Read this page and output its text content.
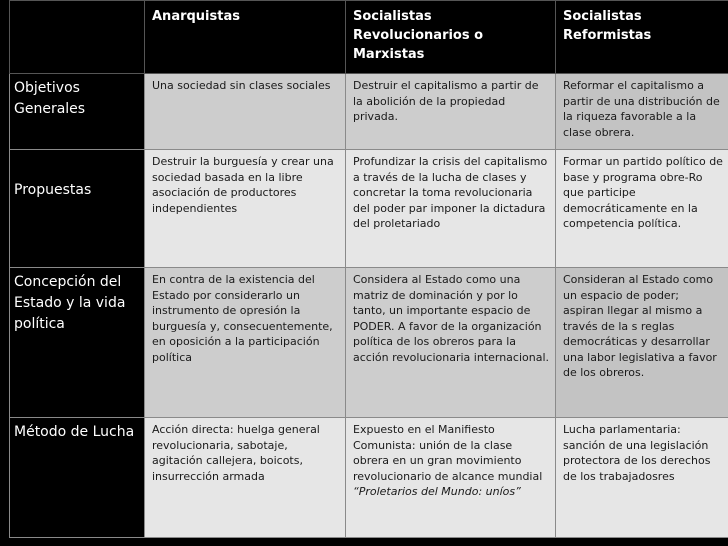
	Anarquistas	Socialistas Revolucionarios o Marxistas	Socialistas Reformistas
Objetivos Generales	Una sociedad sin clases sociales	Destruir el capitalismo a partir de la abolición de la propiedad privada.	Reformar el capitalismo a partir de una distribución de la riqueza favorable a la clase obrera.
Propuestas	Destruir la burguesía y crear una sociedad basada en la libre asociación de productores independientes	Profundizar la crisis del capitalismo a través de la lucha de clases y concretar la toma revolucionaria del poder par imponer la dictadura del proletariado	Formar un partido político de base y programa obre-Ro que participe democráticamente en la competencia política.
Concepción del Estado y la vida política	En contra de la existencia del Estado por considerarlo un instrumento de opresión la burguesía y, consecuentemente, en oposición a la participación política	Considera al Estado como una matriz de dominación y por lo tanto, un importante espacio de PODER. A favor de la organización política de los obreros para la acción revolucionaria internacional.	Consideran al Estado como un espacio de poder; aspiran llegar al mismo a través de la s reglas democráticas y desarrollar una labor legislativa a favor de los obreros.
Método de Lucha	Acción directa: huelga general revolucionaria, sabotaje, agitación callejera, boicots, insurrección armada	Expuesto en el Manifiesto Comunista: unión de la clase obrera en un gran movimiento revolucionario de alcance mundial “Proletarios del Mundo: uníos”	Lucha parlamentaria: sanción de una legislación protectora de los derechos de los trabajadosres
